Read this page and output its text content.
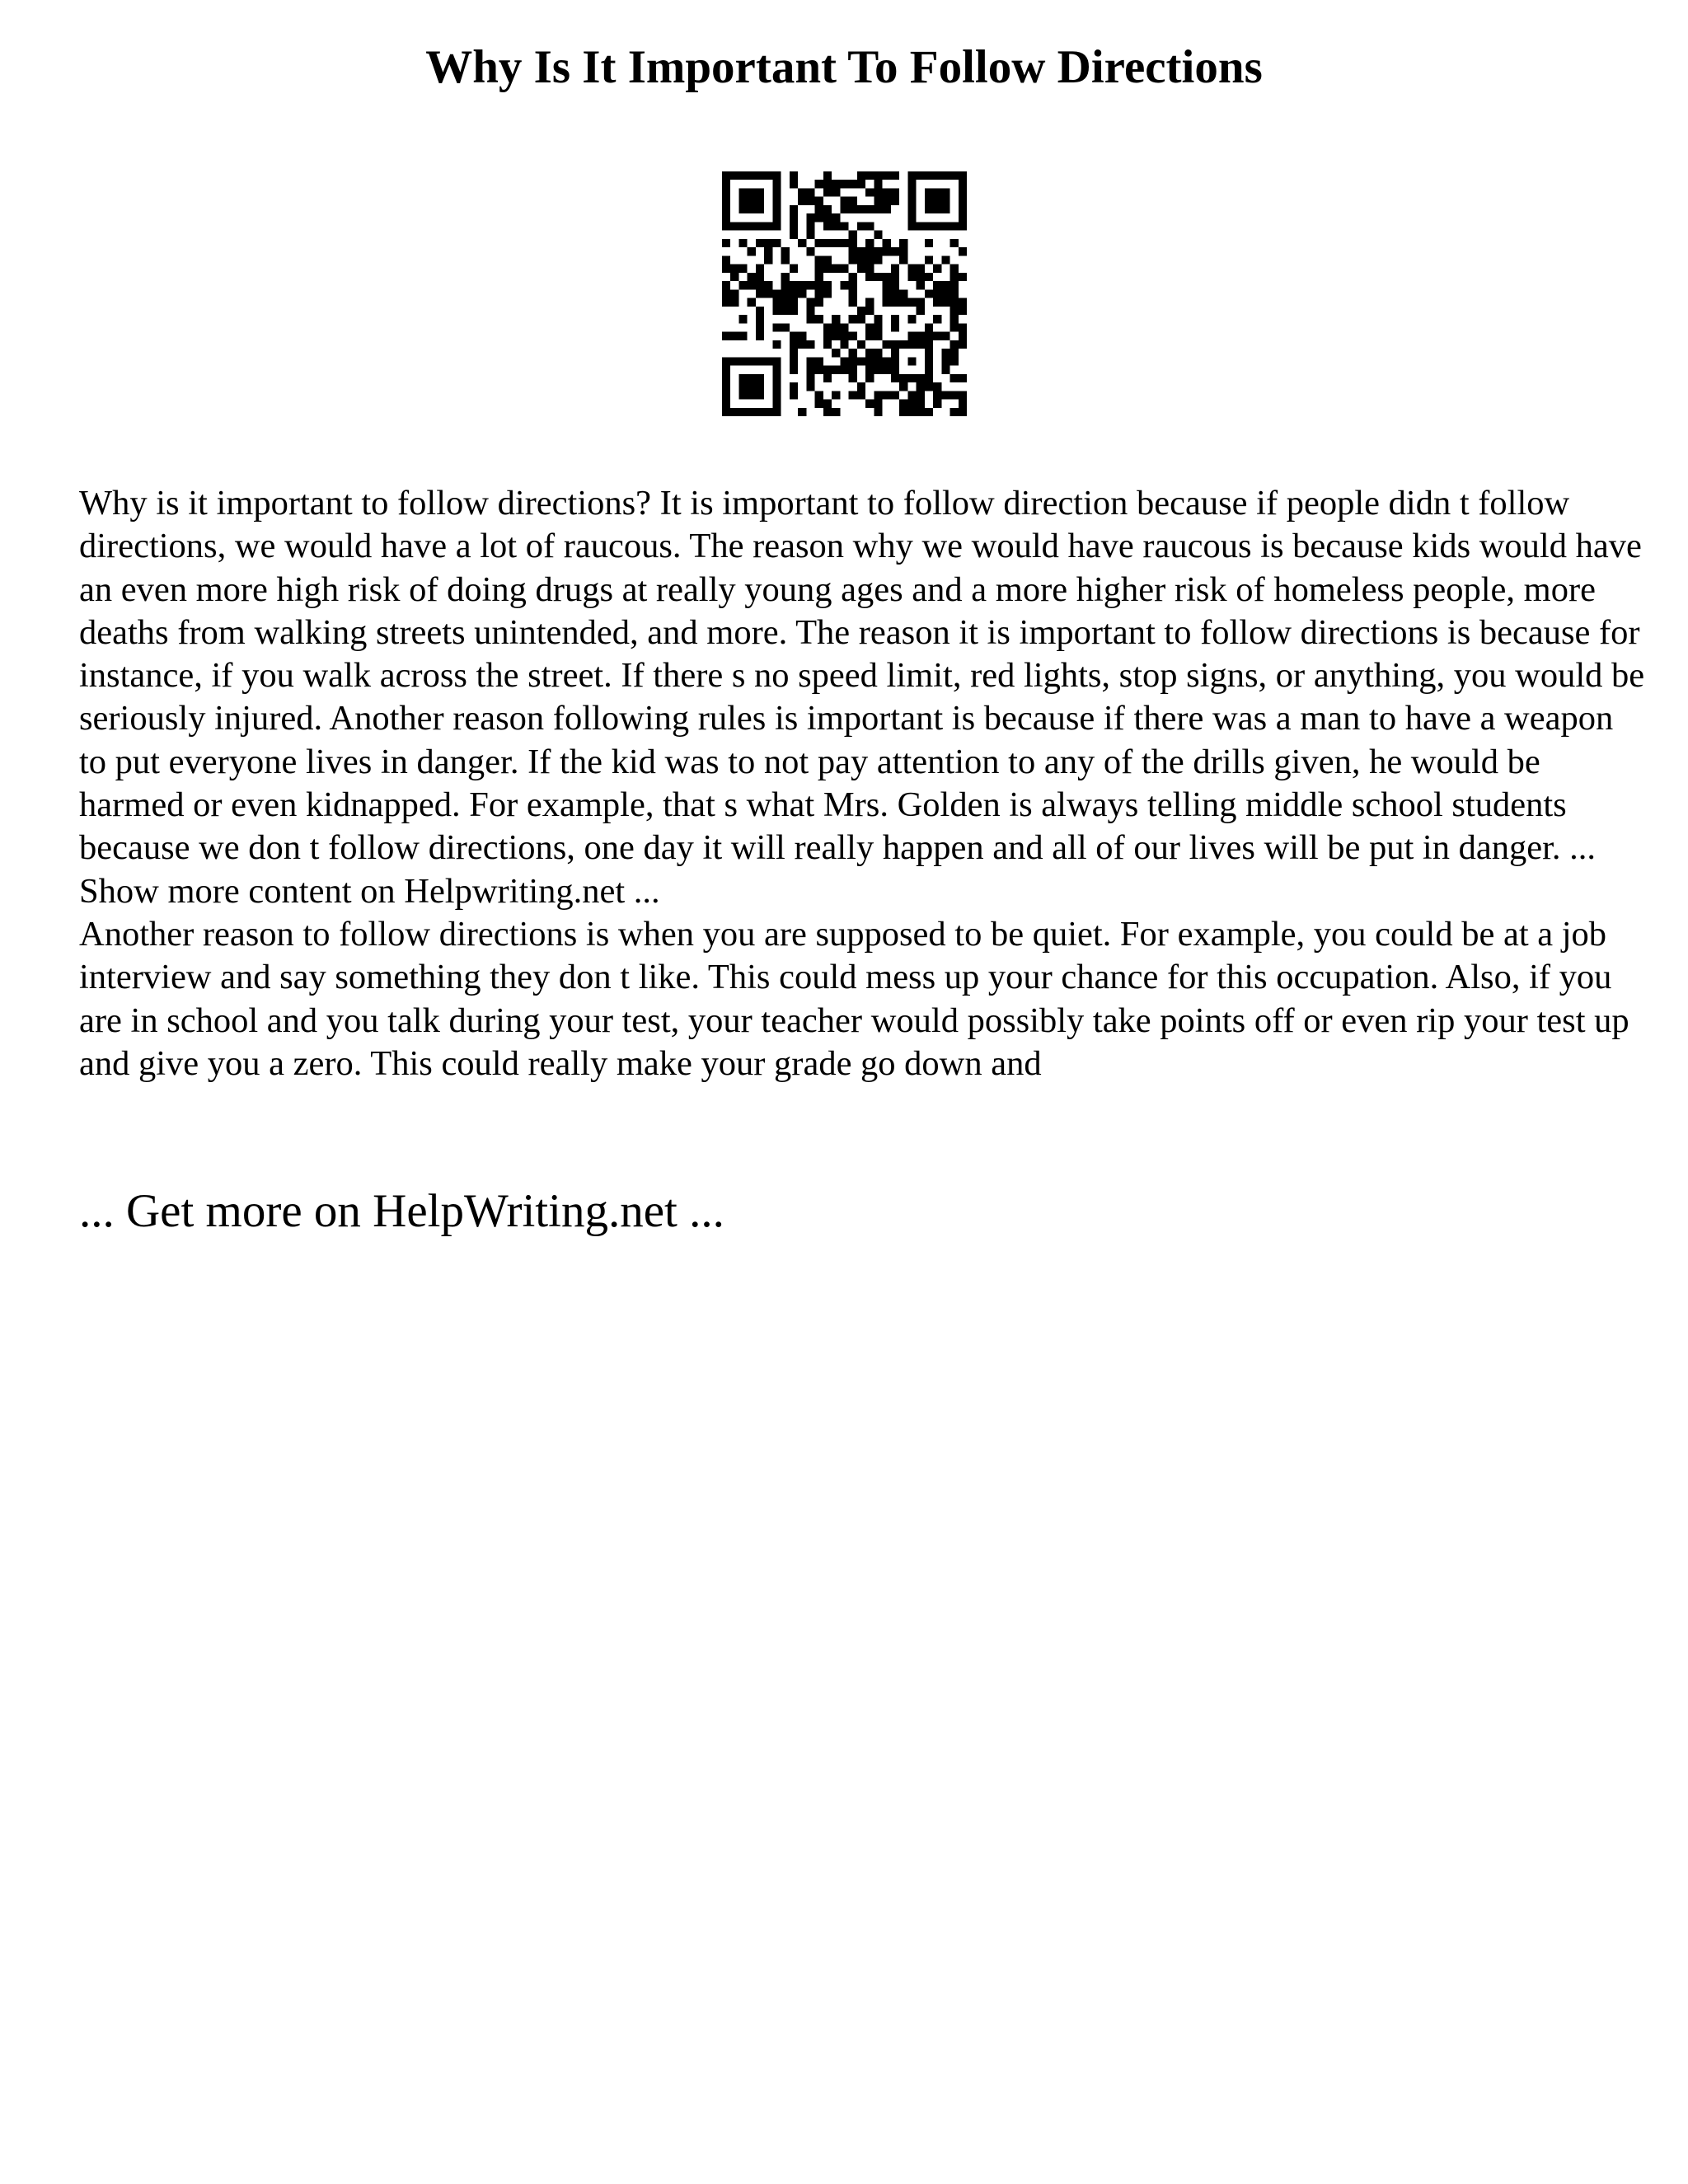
Why Is It Important To Follow Directions

Why is it important to follow directions? It is important to follow direction because if people didn t follow directions, we would have a lot of raucous. The reason why we would have raucous is because kids would have an even more high risk of doing drugs at really young ages and a more higher risk of homeless people, more deaths from walking streets unintended, and more. The reason it is important to follow directions is because for instance, if you walk across the street. If there s no speed limit, red lights, stop signs, or anything, you would be seriously injured. Another reason following rules is important is because if there was a man to have a weapon to put everyone lives in danger. If the kid was to not pay attention to any of the drills given, he would be harmed or even kidnapped. For example, that s what Mrs. Golden is always telling middle school students because we don t follow directions, one day it will really happen and all of our lives will be put in danger. ... Show more content on Helpwriting.net ...

Another reason to follow directions is when you are supposed to be quiet. For example, you could be at a job interview and say something they don t like. This could mess up your chance for this occupation. Also, if you are in school and you talk during your test, your teacher would possibly take points off or even rip your test up and give you a zero. This could really make your grade go down and

... Get more on HelpWriting.net ...
